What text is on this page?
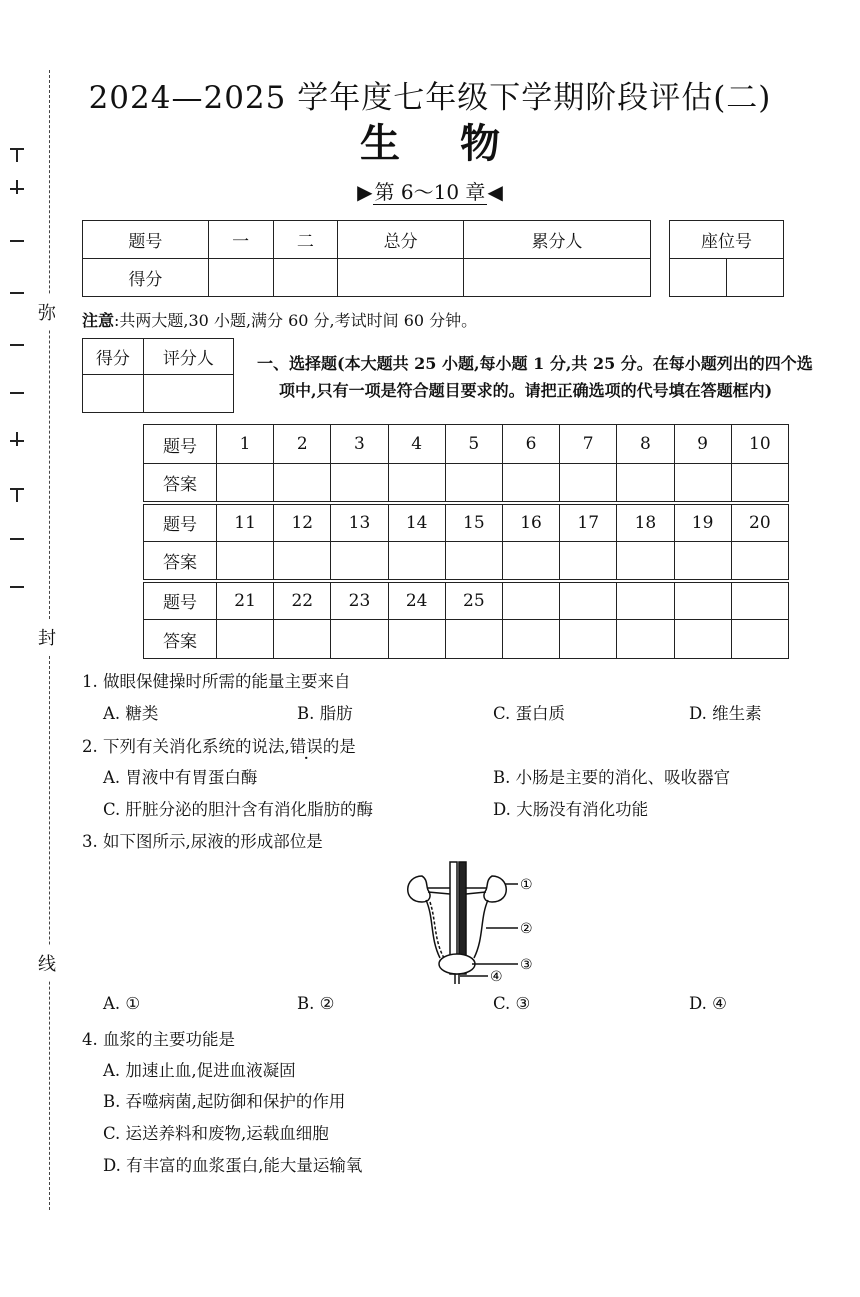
弥
封
线
2024—2025 学年度七年级下学期阶段评估(二)
生物
▶ 第 6～10 章 ◀
题号	一	二	总分	累分人
得分				
座位号

注意:共两大题,30 小题,满分 60 分,考试时间 60 分钟。
得分	评分人
		一、选择题(本大题共 25 小题,每小题 1 分,共 25 分。在每小题列出的四个选
项中,只有一项是符合题目要求的。请把正确选项的代号填在答题框内)
题号	1	2	3	4	5	6	7	8	9	10
答案										
题号	11	12	13	14	15	16	17	18	19	20
答案										
题号	21	22	23	24	25					
答案										
1. 做眼保健操时所需的能量主要来自
A. 糖类	B. 脂肪	C. 蛋白质	D. 维生素
2. 下列有关消化系统的说法,错误的是
A. 胃液中有胃蛋白酶	B. 小肠是主要的消化、吸收器官
C. 肝脏分泌的胆汁含有消化脂肪的酶	D. 大肠没有消化功能
3. 如下图所示,尿液的形成部位是
①
②
③
④
A. ①	B. ②	C. ③	D. ④
4. 血浆的主要功能是
A. 加速止血,促进血液凝固
B. 吞噬病菌,起防御和保护的作用
C. 运送养料和废物,运载血细胞
D. 有丰富的血浆蛋白,能大量运输氧
